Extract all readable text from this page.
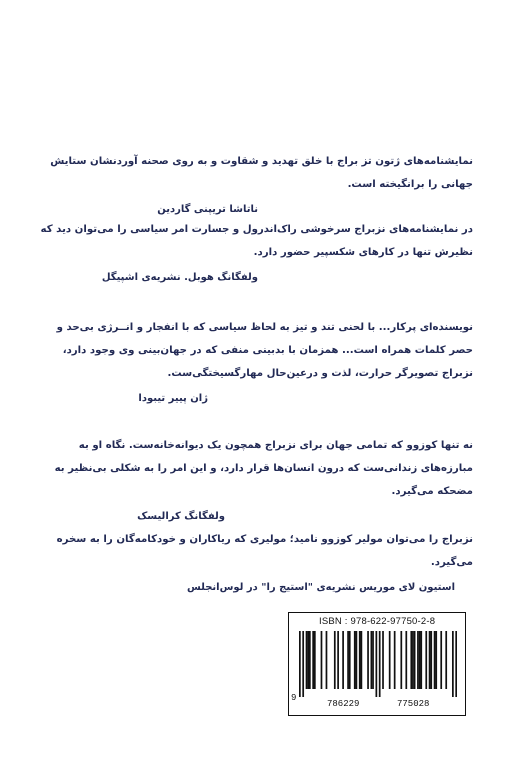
نمایشنامه‌های ژتون تز براج با خلق تهدید و شقاوت و به روی صحنه آوردنشان ستایش جهانی را برانگیخته است.

ناتاشا تریپنی گاردین

در نمایشنامه‌های نزبراج سرخوشی راک‌اندرول و جسارت امر سیاسی را می‌توان دید که نظیرش تنها در کارهای شکسپیر حضور دارد.

ولفگانگ هوبل. نشریه‌ی اشپیگل

نویسنده‌ای پرکار... با لحنی تند و تیز به لحاظ سیاسی که با انفجار و انــرژی بی‌حد و حصر کلمات همراه است... همزمان با بدبینی منفی که در جهان‌بینی وی وجود دارد، نزبراج تصویرگر حرارت، لذت و درعین‌حال مهارگسیختگی‌ست.

ژان پییر تیبودا

نه تنها کوزوو که تمامی جهان برای نزبراج همچون یک دیوانه‌خانه‌ست. نگاه او به مبارزه‌های زندانی‌ست که درون انسان‌ها قرار دارد، و این امر را به شکلی بی‌نظیر به مضحکه می‌گیرد.

ولفگانگ کرالیسک

نزبراج را می‌توان مولیر کوزوو نامید؛ مولیری که ریاکاران و خودکامه‌گان را به سخره می‌گیرد.

استیون لای موریس نشریه‌ی "استیج را" در لوس‌انجلس
ISBN : 978-622-97750-2-8
9
786229	775028
